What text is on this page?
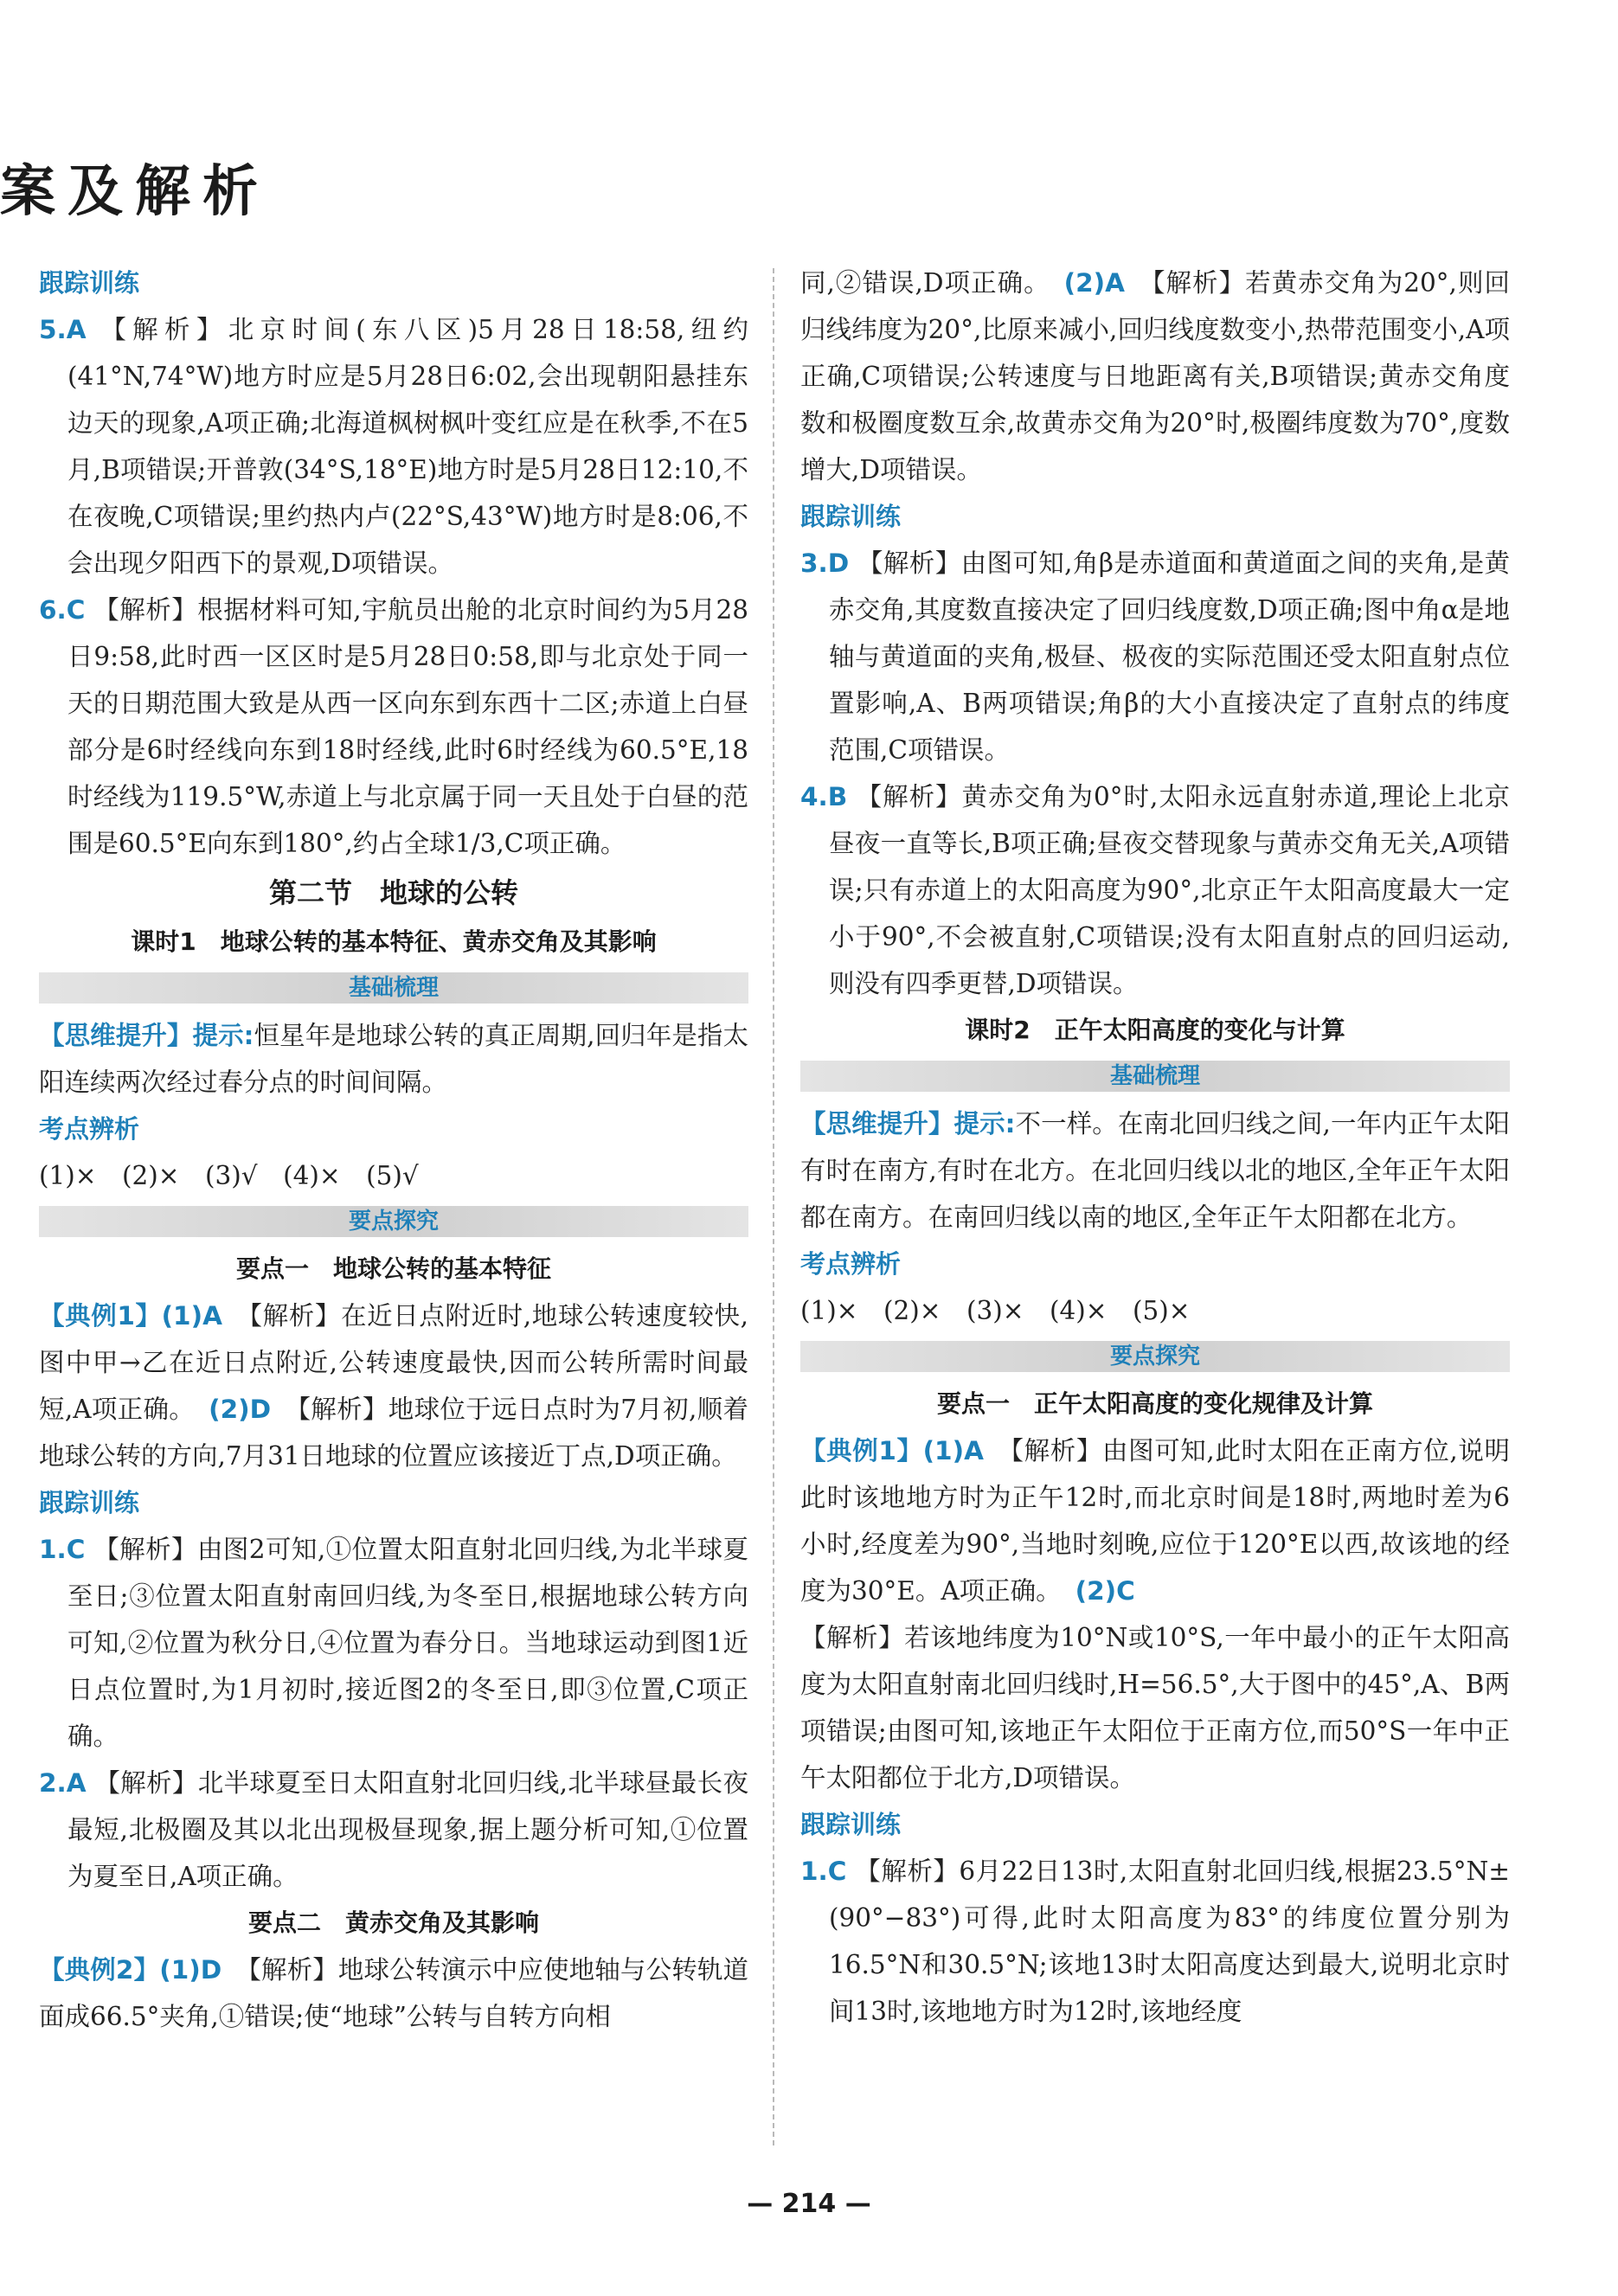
案及解析

跟踪训练

5.A 【解析】北京时间(东八区)5月28日18:58,纽约(41°N,74°W)地方时应是5月28日6:02,会出现朝阳悬挂东边天的现象,A项正确;北海道枫树枫叶变红应是在秋季,不在5月,B项错误;开普敦(34°S,18°E)地方时是5月28日12:10,不在夜晚,C项错误;里约热内卢(22°S,43°W)地方时是8:06,不会出现夕阳西下的景观,D项错误。

6.C 【解析】根据材料可知,宇航员出舱的北京时间约为5月28日9:58,此时西一区区时是5月28日0:58,即与北京处于同一天的日期范围大致是从西一区向东到东西十二区;赤道上白昼部分是6时经线向东到18时经线,此时6时经线为60.5°E,18时经线为119.5°W,赤道上与北京属于同一天且处于白昼的范围是60.5°E向东到180°,约占全球1/3,C项正确。

第二节　地球的公转

课时1　地球公转的基本特征、黄赤交角及其影响

基础梳理

【思维提升】提示:恒星年是地球公转的真正周期,回归年是指太阳连续两次经过春分点的时间间隔。

考点辨析

(1)×　(2)×　(3)√　(4)×　(5)√

要点探究

要点一　地球公转的基本特征

【典例1】(1)A 【解析】在近日点附近时,地球公转速度较快,图中甲→乙在近日点附近,公转速度最快,因而公转所需时间最短,A项正确。 (2)D 【解析】地球位于远日点时为7月初,顺着地球公转的方向,7月31日地球的位置应该接近丁点,D项正确。

跟踪训练

1.C 【解析】由图2可知,①位置太阳直射北回归线,为北半球夏至日;③位置太阳直射南回归线,为冬至日,根据地球公转方向可知,②位置为秋分日,④位置为春分日。当地球运动到图1近日点位置时,为1月初时,接近图2的冬至日,即③位置,C项正确。

2.A 【解析】北半球夏至日太阳直射北回归线,北半球昼最长夜最短,北极圈及其以北出现极昼现象,据上题分析可知,①位置为夏至日,A项正确。

要点二　黄赤交角及其影响

【典例2】(1)D 【解析】地球公转演示中应使地轴与公转轨道面成66.5°夹角,①错误;使“地球”公转与自转方向相

同,②错误,D项正确。 (2)A 【解析】若黄赤交角为20°,则回归线纬度为20°,比原来减小,回归线度数变小,热带范围变小,A项正确,C项错误;公转速度与日地距离有关,B项错误;黄赤交角度数和极圈度数互余,故黄赤交角为20°时,极圈纬度数为70°,度数增大,D项错误。

跟踪训练

3.D 【解析】由图可知,角β是赤道面和黄道面之间的夹角,是黄赤交角,其度数直接决定了回归线度数,D项正确;图中角α是地轴与黄道面的夹角,极昼、极夜的实际范围还受太阳直射点位置影响,A、B两项错误;角β的大小直接决定了直射点的纬度范围,C项错误。

4.B 【解析】黄赤交角为0°时,太阳永远直射赤道,理论上北京昼夜一直等长,B项正确;昼夜交替现象与黄赤交角无关,A项错误;只有赤道上的太阳高度为90°,北京正午太阳高度最大一定小于90°,不会被直射,C项错误;没有太阳直射点的回归运动,则没有四季更替,D项错误。

课时2　正午太阳高度的变化与计算

基础梳理

【思维提升】提示:不一样。在南北回归线之间,一年内正午太阳有时在南方,有时在北方。在北回归线以北的地区,全年正午太阳都在南方。在南回归线以南的地区,全年正午太阳都在北方。

考点辨析

(1)×　(2)×　(3)×　(4)×　(5)×

要点探究

要点一　正午太阳高度的变化规律及计算

【典例1】(1)A 【解析】由图可知,此时太阳在正南方位,说明此时该地地方时为正午12时,而北京时间是18时,两地时差为6小时,经度差为90°,当地时刻晚,应位于120°E以西,故该地的经度为30°E。A项正确。 (2)C
【解析】若该地纬度为10°N或10°S,一年中最小的正午太阳高度为太阳直射南北回归线时,H=56.5°,大于图中的45°,A、B两项错误;由图可知,该地正午太阳位于正南方位,而50°S一年中正午太阳都位于北方,D项错误。

跟踪训练

1.C 【解析】6月22日13时,太阳直射北回归线,根据23.5°N±(90°−83°)可得,此时太阳高度为83°的纬度位置分别为16.5°N和30.5°N;该地13时太阳高度达到最大,说明北京时间13时,该地地方时为12时,该地经度

— 214 —
